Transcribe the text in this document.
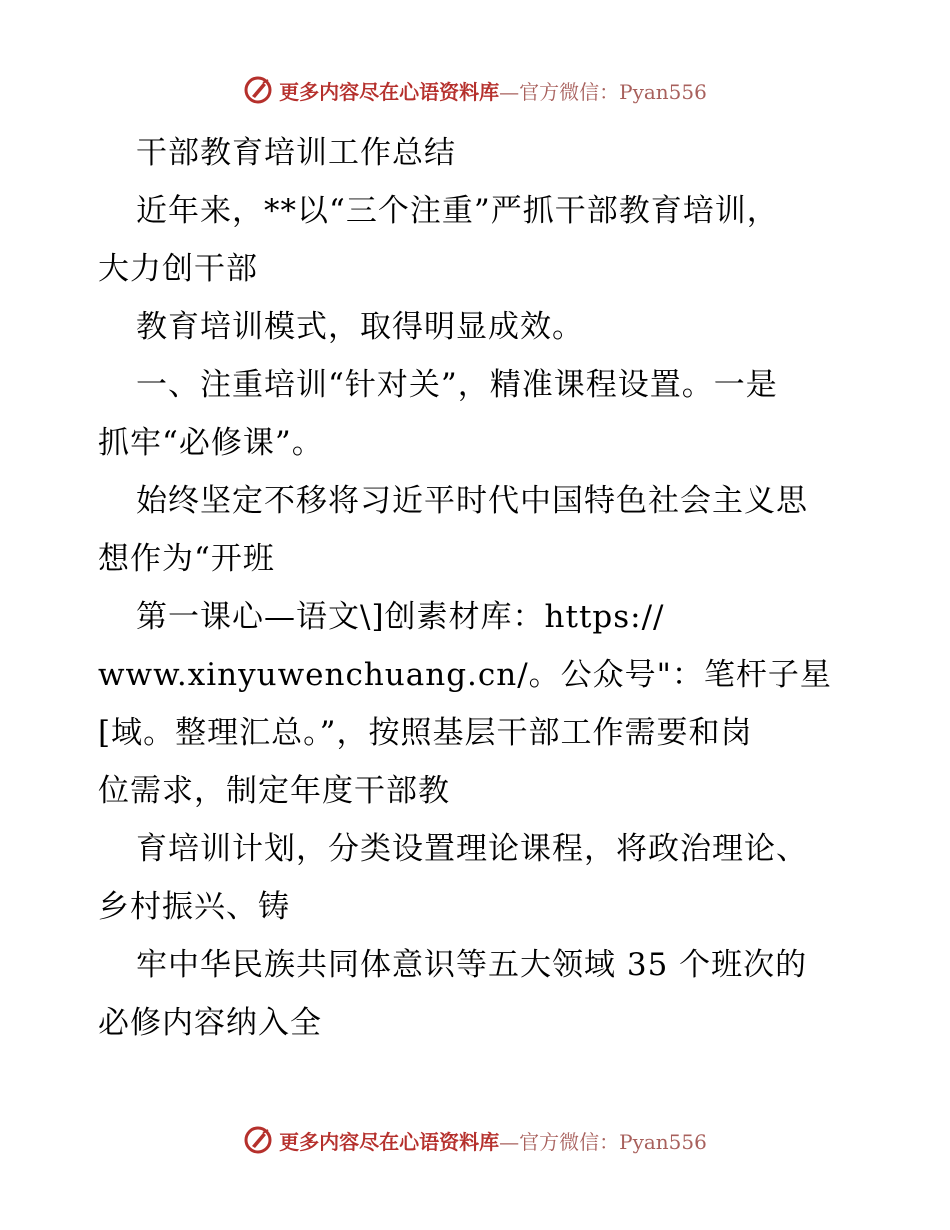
更多内容尽在心语资料库—官方微信：Pyan556
干部教育培训工作总结
近年来，**以“三个注重”严抓干部教育培训，
大力创干部
教育培训模式，取得明显成效。
一、注重培训“针对关”，精准课程设置。一是
抓牢“必修课”。
始终坚定不移将习近平时代中国特色社会主义思
想作为“开班
第一课心—语文\]创素材库：https://
www.xinyuwenchuang.cn/。公众号"：笔杆子星
[域。整理汇总。”，按照基层干部工作需要和岗
位需求，制定年度干部教
育培训计划，分类设置理论课程，将政治理论、
乡村振兴、铸
牢中华民族共同体意识等五大领域 35 个班次的
必修内容纳入全
更多内容尽在心语资料库—官方微信：Pyan556
